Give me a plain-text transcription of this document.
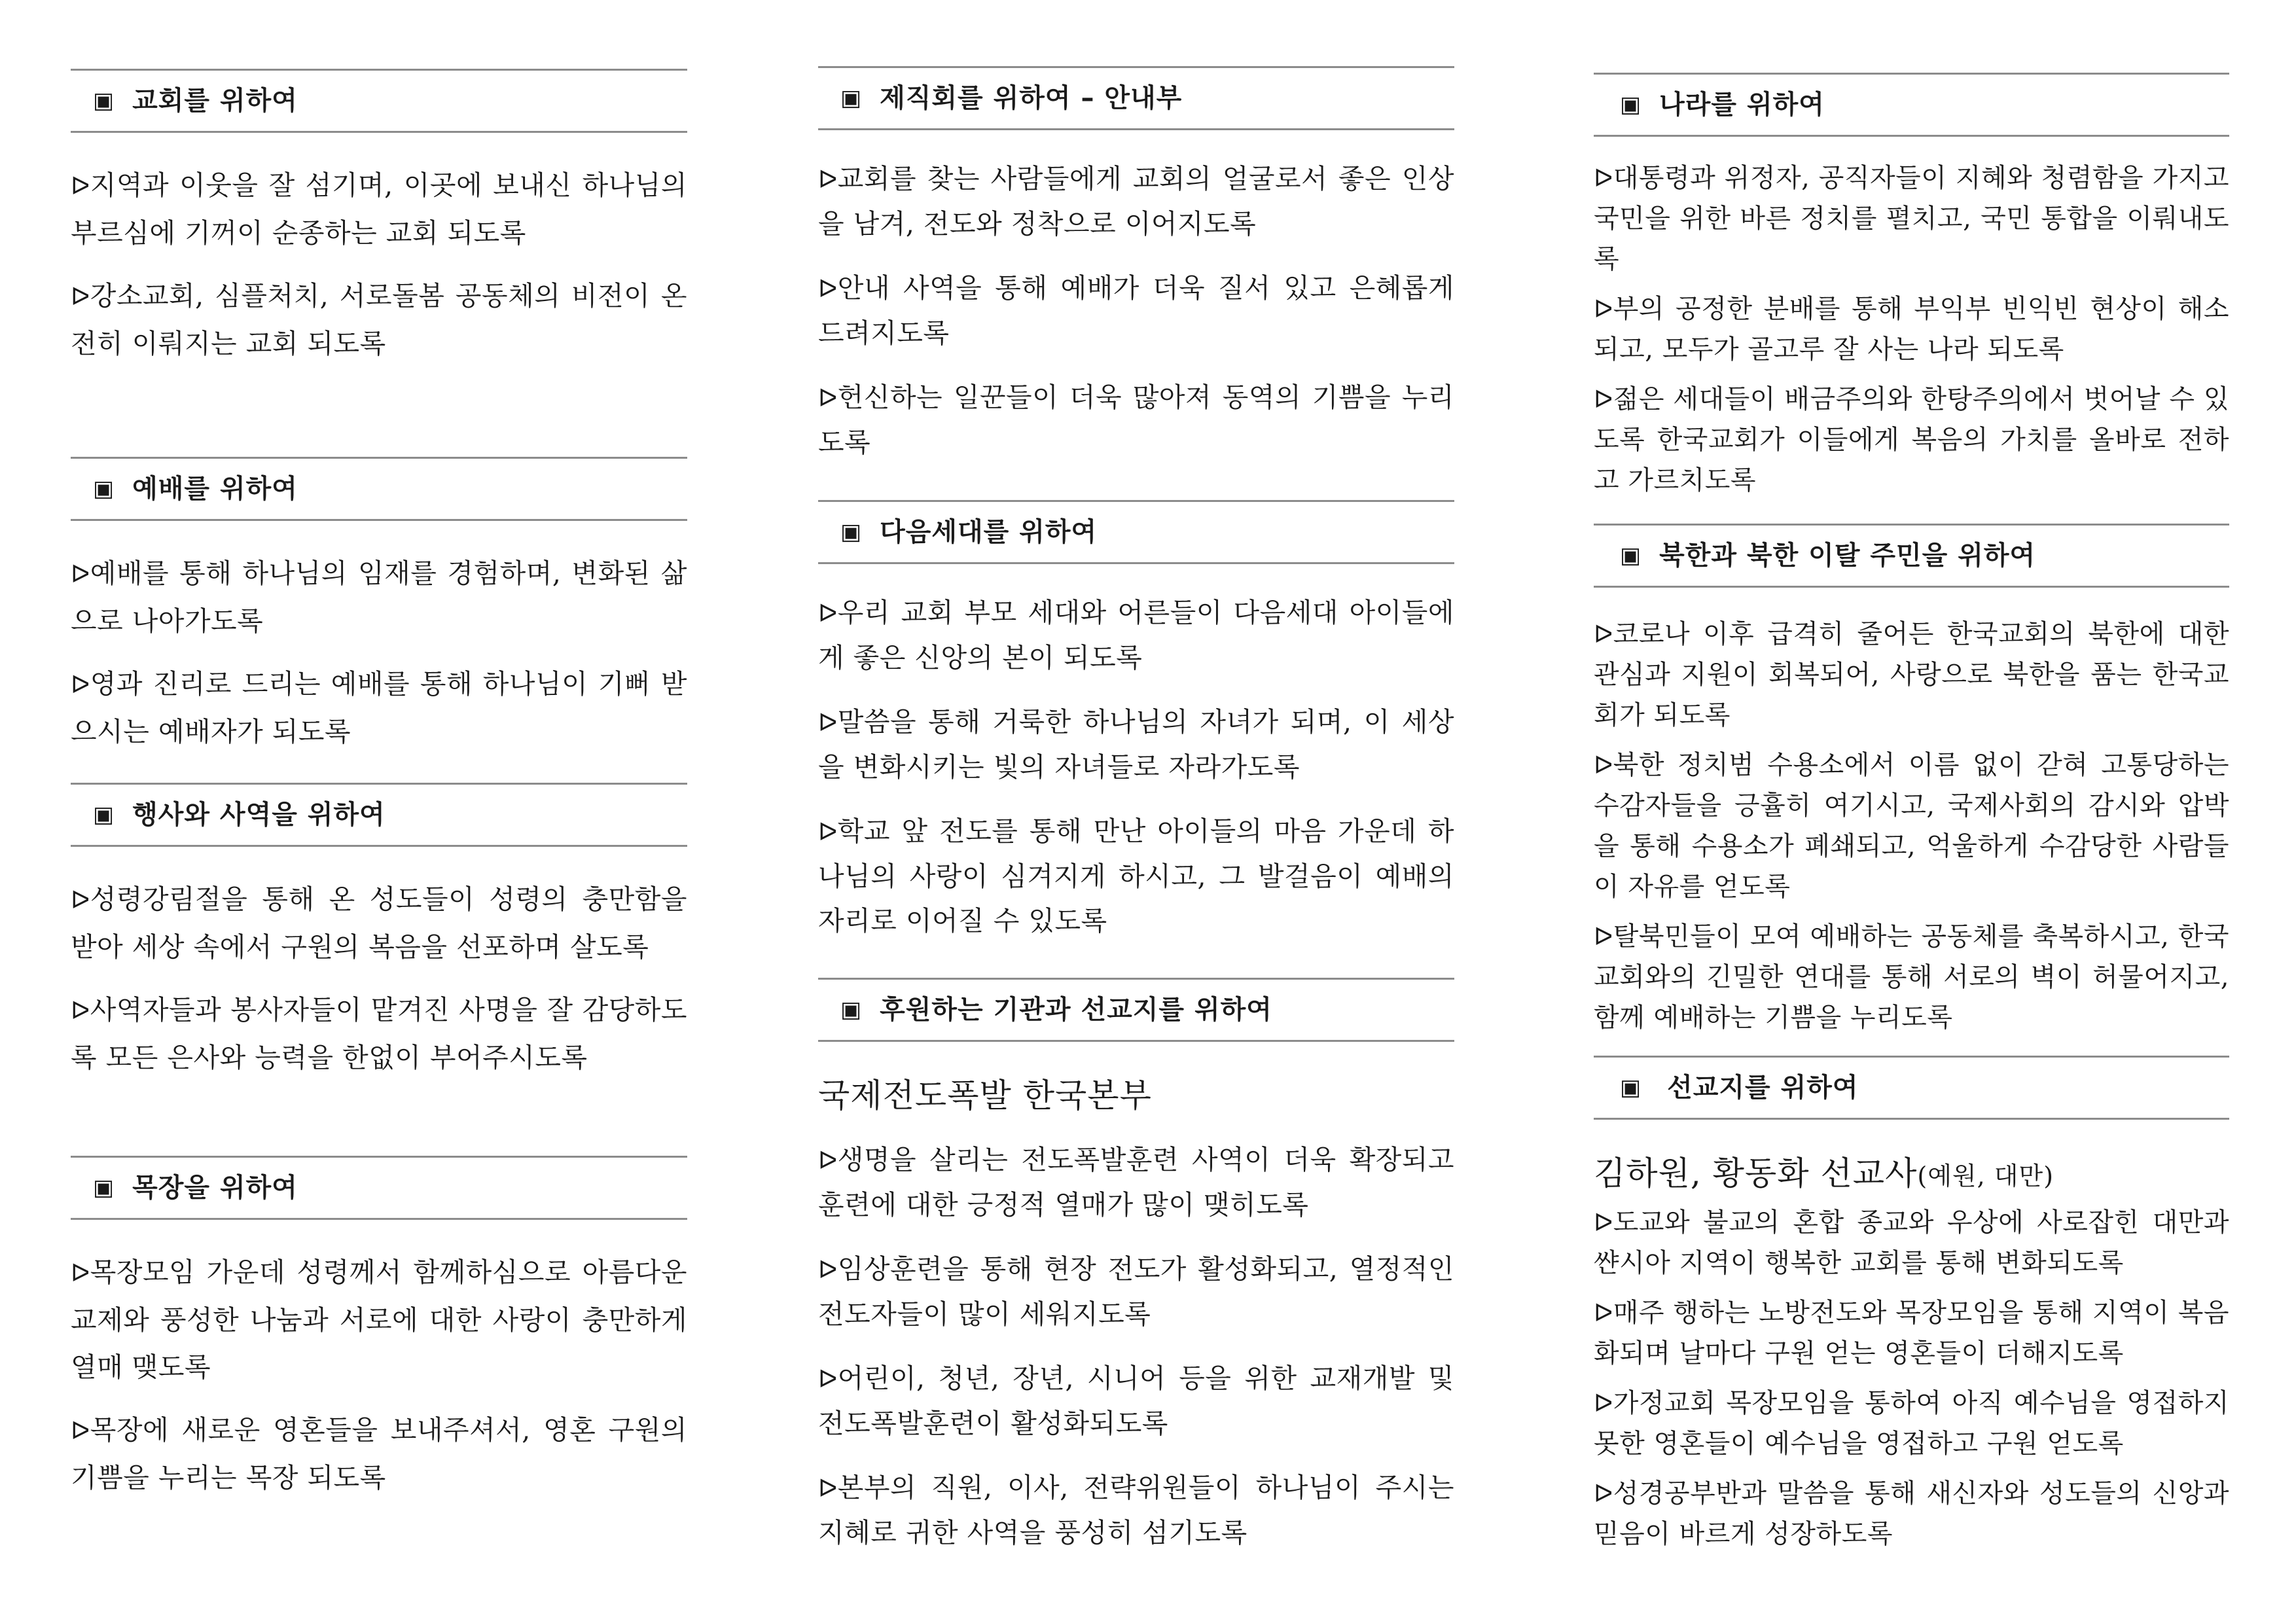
▣ 교회를 위하여

ᐅ지역과 이웃을 잘 섬기며, 이곳에 보내신 하나님의 부르심에 기꺼이 순종하는 교회 되도록

ᐅ강소교회, 심플처치, 서로돌봄 공동체의 비전이 온전히 이뤄지는 교회 되도록

▣ 예배를 위하여

ᐅ예배를 통해 하나님의 임재를 경험하며, 변화된 삶으로 나아가도록

ᐅ영과 진리로 드리는 예배를 통해 하나님이 기뻐 받으시는 예배자가 되도록

▣ 행사와 사역을 위하여

ᐅ성령강림절을 통해 온 성도들이 성령의 충만함을 받아 세상 속에서 구원의 복음을 선포하며 살도록

ᐅ사역자들과 봉사자들이 맡겨진 사명을 잘 감당하도록 모든 은사와 능력을 한없이 부어주시도록

▣ 목장을 위하여

ᐅ목장모임 가운데 성령께서 함께하심으로 아름다운 교제와 풍성한 나눔과 서로에 대한 사랑이 충만하게 열매 맺도록

ᐅ목장에 새로운 영혼들을 보내주셔서, 영혼 구원의 기쁨을 누리는 목장 되도록

▣ 제직회를 위하여 – 안내부

ᐅ교회를 찾는 사람들에게 교회의 얼굴로서 좋은 인상을 남겨, 전도와 정착으로 이어지도록

ᐅ안내 사역을 통해 예배가 더욱 질서 있고 은혜롭게 드려지도록

ᐅ헌신하는 일꾼들이 더욱 많아져 동역의 기쁨을 누리도록

▣ 다음세대를 위하여

ᐅ우리 교회 부모 세대와 어른들이 다음세대 아이들에게 좋은 신앙의 본이 되도록

ᐅ말씀을 통해 거룩한 하나님의 자녀가 되며, 이 세상을 변화시키는 빛의 자녀들로 자라가도록

ᐅ학교 앞 전도를 통해 만난 아이들의 마음 가운데 하나님의 사랑이 심겨지게 하시고, 그 발걸음이 예배의 자리로 이어질 수 있도록

▣ 후원하는 기관과 선교지를 위하여

국제전도폭발 한국본부

ᐅ생명을 살리는 전도폭발훈련 사역이 더욱 확장되고 훈련에 대한 긍정적 열매가 많이 맺히도록

ᐅ임상훈련을 통해 현장 전도가 활성화되고, 열정적인 전도자들이 많이 세워지도록

ᐅ어린이, 청년, 장년, 시니어 등을 위한 교재개발 및 전도폭발훈련이 활성화되도록

ᐅ본부의 직원, 이사, 전략위원들이 하나님이 주시는 지혜로 귀한 사역을 풍성히 섬기도록

▣ 나라를 위하여

ᐅ대통령과 위정자, 공직자들이 지혜와 청렴함을 가지고 국민을 위한 바른 정치를 펼치고, 국민 통합을 이뤄내도록

ᐅ부의 공정한 분배를 통해 부익부 빈익빈 현상이 해소되고, 모두가 골고루 잘 사는 나라 되도록

ᐅ젊은 세대들이 배금주의와 한탕주의에서 벗어날 수 있도록 한국교회가 이들에게 복음의 가치를 올바로 전하고 가르치도록

▣ 북한과 북한 이탈 주민을 위하여

ᐅ코로나 이후 급격히 줄어든 한국교회의 북한에 대한 관심과 지원이 회복되어, 사랑으로 북한을 품는 한국교회가 되도록

ᐅ북한 정치범 수용소에서 이름 없이 갇혀 고통당하는 수감자들을 긍휼히 여기시고, 국제사회의 감시와 압박을 통해 수용소가 폐쇄되고, 억울하게 수감당한 사람들이 자유를 얻도록

ᐅ탈북민들이 모여 예배하는 공동체를 축복하시고, 한국교회와의 긴밀한 연대를 통해 서로의 벽이 허물어지고, 함께 예배하는 기쁨을 누리도록

▣ 선교지를 위하여

김하원, 황동화 선교사(예원, 대만)

ᐅ도교와 불교의 혼합 종교와 우상에 사로잡힌 대만과 쌴시아 지역이 행복한 교회를 통해 변화되도록

ᐅ매주 행하는 노방전도와 목장모임을 통해 지역이 복음화되며 날마다 구원 얻는 영혼들이 더해지도록

ᐅ가정교회 목장모임을 통하여 아직 예수님을 영접하지 못한 영혼들이 예수님을 영접하고 구원 얻도록

ᐅ성경공부반과 말씀을 통해 새신자와 성도들의 신앙과 믿음이 바르게 성장하도록
